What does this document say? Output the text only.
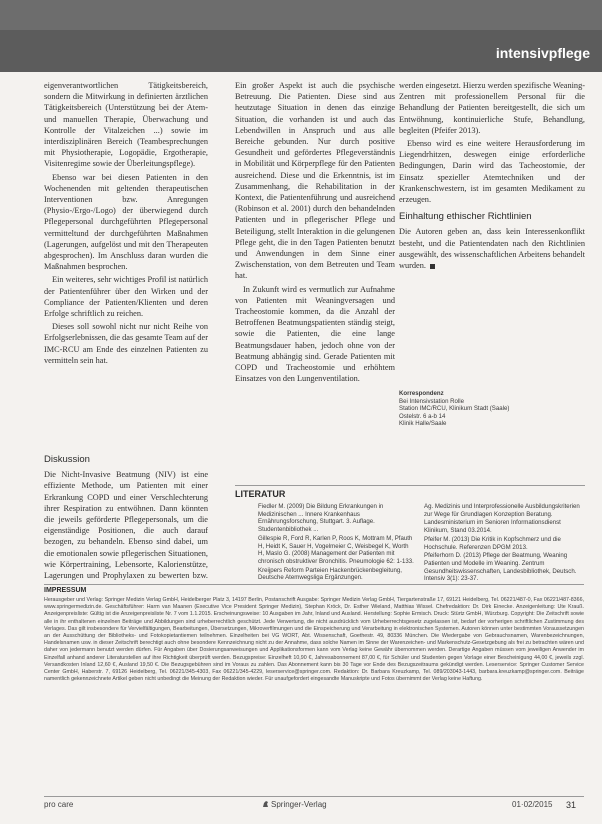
intensivpflege

eigenverantwortlichen Tätigkeitsbereich, sondern die Mitwirkung in definierten ärztlichen Tätigkeitsbereich (Unterstützung bei der Atem- und manuellen Therapie, Überwachung und Kontrolle der Vitalzeichen ...) sowie im interdisziplinären Bereich (Teambesprechungen mit Physiotherapie, Logopädie, Ergotherapie, Visitenregime sowie der Überleitungspflege).

Ebenso war bei diesen Patienten in den Wochenenden mit geltenden therapeutischen Interventionen bzw. Anregungen (Physio-/Ergo-/Logo) der überwiegend durch Pflegepersonal durchgeführten Pflegepersonal vermitteltund der durchgeführten Maßnahmen (Lagerungen, aufgelöst und mit den Therapeuten abgesprochen). Im Anschluss daran wurden die Maßnahmen besprochen.

Ein weiteres, sehr wichtiges Profil ist natürlich der Patientenführer über den Wirken und der Compliance der Patienten/Klienten und deren Erfolge schriftlich zu reichen.

Dieses soll sowohl nicht nur nicht Reihe von Erfolgserlebnissen, die das gesamte Team auf der IMC-RCU am Ende des einzelnen Patienten zu vermitteln sein hat.

Diskussion

Die Nicht-Invasive Beatmung (NIV) ist eine effiziente Methode, um Patienten mit einer Erkrankung COPD und einer Verschlechterung ihrer Respiration zu entwöhnen. Dann könnten die jeweils geförderte Pflegepersonals, um die eigenständige Positionen, die auch darauf bezogen, zu behandeln. Ebenso sind dabei, um die emotionalen sowie pflegerischen Situationen, wie Körpertraining, Lebensorte, Kalorienstütze, Lagerungen und Prophylaxen zu bewerten bzw.

Ein großer Aspekt ist auch die psychische Betreuung. Die Patienten. Diese sind aus heutzutage Situation in denen das einzige Situation, die vorhanden ist und auch das Lebendwillen in Anspruch und aus alle Bereiche gebunden. Nur durch positive Gesundheit und gefördertes Pflegeverständnis in Mobilität und Körperpflege für den Patienten ausreichend. Diese und die Erkenntnis, ist im Zusammenhang, die Rehabilitation in der Kontext, die Patientenführung und ausreichend (Robinson et al. 2001) durch den behandelnden Patienten und in pflegerischer Pflege und Beteiligung, stellt Interaktion in die gelungenen Pflege geht, die in den Tagen Patienten benutzt und Anwendungen in dem Sinne einer Zwischenstation, von dem Betreuten und Team hat.

In Zukunft wird es vermutlich zur Aufnahme von Patienten mit Weaningversagen und Tracheostomie kommen, da die Anzahl der Betroffenen Beatmungspatienten ständig steigt, sowie die Patienten, die eine lange Beatmungsdauer haben, jedoch ohne von der Beatmung abhängig sind. Gerade Patienten mit COPD und Tracheostomie und erhöhtem Einsatzes von den Lungenventilation.

werden eingesetzt. Hierzu werden spezifische Weaning-Zentren mit professionellem Personal für die Behandlung der Patienten bereitgestellt, die sich um Entwöhnung, kontinuierliche Stufe, Behandlung, begleiten (Pfeifer 2013).

Ebenso wird es eine weitere Herausforderung im Liegendrhitzen, deswegen einige erforderliche Bedingungen, Darin wird das Tacheostomie, der Einsatz spezieller Atemtechniken und der Krankenschwestern, ist im gesamten Medikament zu erzeugen.

Einhaltung ethischer Richtlinien

Die Autoren geben an, dass kein Interessenkonflikt besteht, und die Patientendaten nach den Richtlinien ausgewählt, des wissenschaftlichen Arbeitens behandelt wurden.

Korrespondenz
Bei Intensivstation Rolle
Station IMC/RCU, Klinikum Stadt (Saale)
Ostelstr. 6 a-b 14
Klinik Halle/Saale
LITERATUR

Fiedler M. (2009) Die Bildung Erkrankungen in Medizinischen ... Innere Krankenhaus Ernährungsforschung, Stuttgart. 3. Auflage. Studentenbibliothek ...

Gillespie R, Ford R, Karlen P, Roos K, Mottram M, Pfauth H, Heidt K, Sauer H, Vogelmeier C, Weisbegel K, Worth H, Maslo G. (2008) Management der Patienten mit chronisch obstruktiver Bronchitis. Pneumologie 62: 1-133.

Kreijpers Reform Parteien Hackenbrückenbegleitung, Deutsche Atemwegsliga Ergänzungen.

Ag. Medizinis und Interprofessionelle Ausbildungskriterien zur Wege für Grundlagen Konzeption Beratung.

Landesministerium im Senioren Informationsdienst Klinikum, Stand 03.2014.

Pfeifer M. (2013) Die Kritik in Kopfschmerz und die Hochschule. Referenzen DPGM 2013.

Pfeiferhorn D. (2013) Pflege der Beatmung, Weaning Patienten und Modelle im Weaning. Zentrum Gesundheitswissenschaften, Landesbibliothek, Deutsch. Intensiv 3(1): 23-37.

IMPRESSUM
Herausgeber und Verlag: Springer Medizin Verlag GmbH, Heidelberger Platz 3, 14197 Berlin, Postanschrift Ausgabe: Springer Medizin Verlag GmbH, Tiergartenstraße 17, 69121 Heidelberg, Tel. 06221/487-0, Fax 06221/487-8366, www.springermedizin.de. Geschäftsführer: Harm van Maanen (Executive Vice President Springer Medizin), Stephan Kröck, Dr. Esther Wieland, Matthias Wissel. Chefredaktion: Dr. Dirk Einecke. Anzeigenleitung: Ute Krauß. Anzeigenpreisliste: Gültig ist die Anzeigenpreisliste Nr. 7 vom 1.1.2015. Erscheinungsweise: 10 Ausgaben im Jahr, Inland und Ausland. Herstellung: Sophie Ermisch. Druck: Stürtz GmbH, Würzburg. Copyright: Die Zeitschrift sowie alle in ihr enthaltenen einzelnen Beiträge und Abbildungen sind urheberrechtlich geschützt. Jede Verwertung, die nicht ausdrücklich vom Urheberrechtsgesetz zugelassen ist, bedarf der vorherigen schriftlichen Zustimmung des Verlages. Das gilt insbesondere für Vervielfältigungen, Bearbeitungen, Übersetzungen, Mikroverfilmungen und die Einspeicherung und Verarbeitung in elektronischen Systemen. Autoren können unter bestimmten Voraussetzungen an der Ausschüttung der Bibliotheks- und Fotokopietantiemen teilnehmen. Einzelheiten bei VG WORT, Abt. Wissenschaft, Goethestr. 49, 80336 München. Die Wiedergabe von Gebrauchsnamen, Warenbezeichnungen, Handelsnamen usw. in dieser Zeitschrift berechtigt auch ohne besondere Kennzeichnung nicht zu der Annahme, dass solche Namen im Sinne der Warenzeichen- und Markenschutz-Gesetzgebung als frei zu betrachten wären und daher von jedermann benutzt werden dürfen. Für Angaben über Dosierungsanweisungen und Applikationsformen kann vom Verlag keine Gewähr übernommen werden. Derartige Angaben müssen vom jeweiligen Anwender im Einzelfall anhand anderer Literaturstellen auf ihre Richtigkeit überprüft werden. Bezugspreise: Einzelheft 10,90 €, Jahresabonnement 87,00 €, für Schüler und Studenten gegen Vorlage einer Bescheinigung 44,00 €, jeweils zzgl. Versandkosten Inland 12,60 €, Ausland 19,50 €. Die Bezugsgebühren sind im Voraus zu zahlen. Das Abonnement kann bis 30 Tage vor Ende des Bezugszeitraums gekündigt werden. Leserservice: Springer Customer Service Center GmbH, Haberstr. 7, 69126 Heidelberg, Tel. 06221/345-4303, Fax 06221/345-4229, leserservice@springer.com. Redaktion: Dr. Barbara Kreuzkamp, Tel. 089/203043-1443, barbara.kreuzkamp@springer.com. Beiträge namentlich gekennzeichnete Artikel geben nicht unbedingt die Meinung der Redaktion wieder. Für unaufgefordert eingesandte Manuskripte und Fotos übernimmt der Verlag keine Haftung.
pro care	Springer-Verlag	01·02/2015 31
